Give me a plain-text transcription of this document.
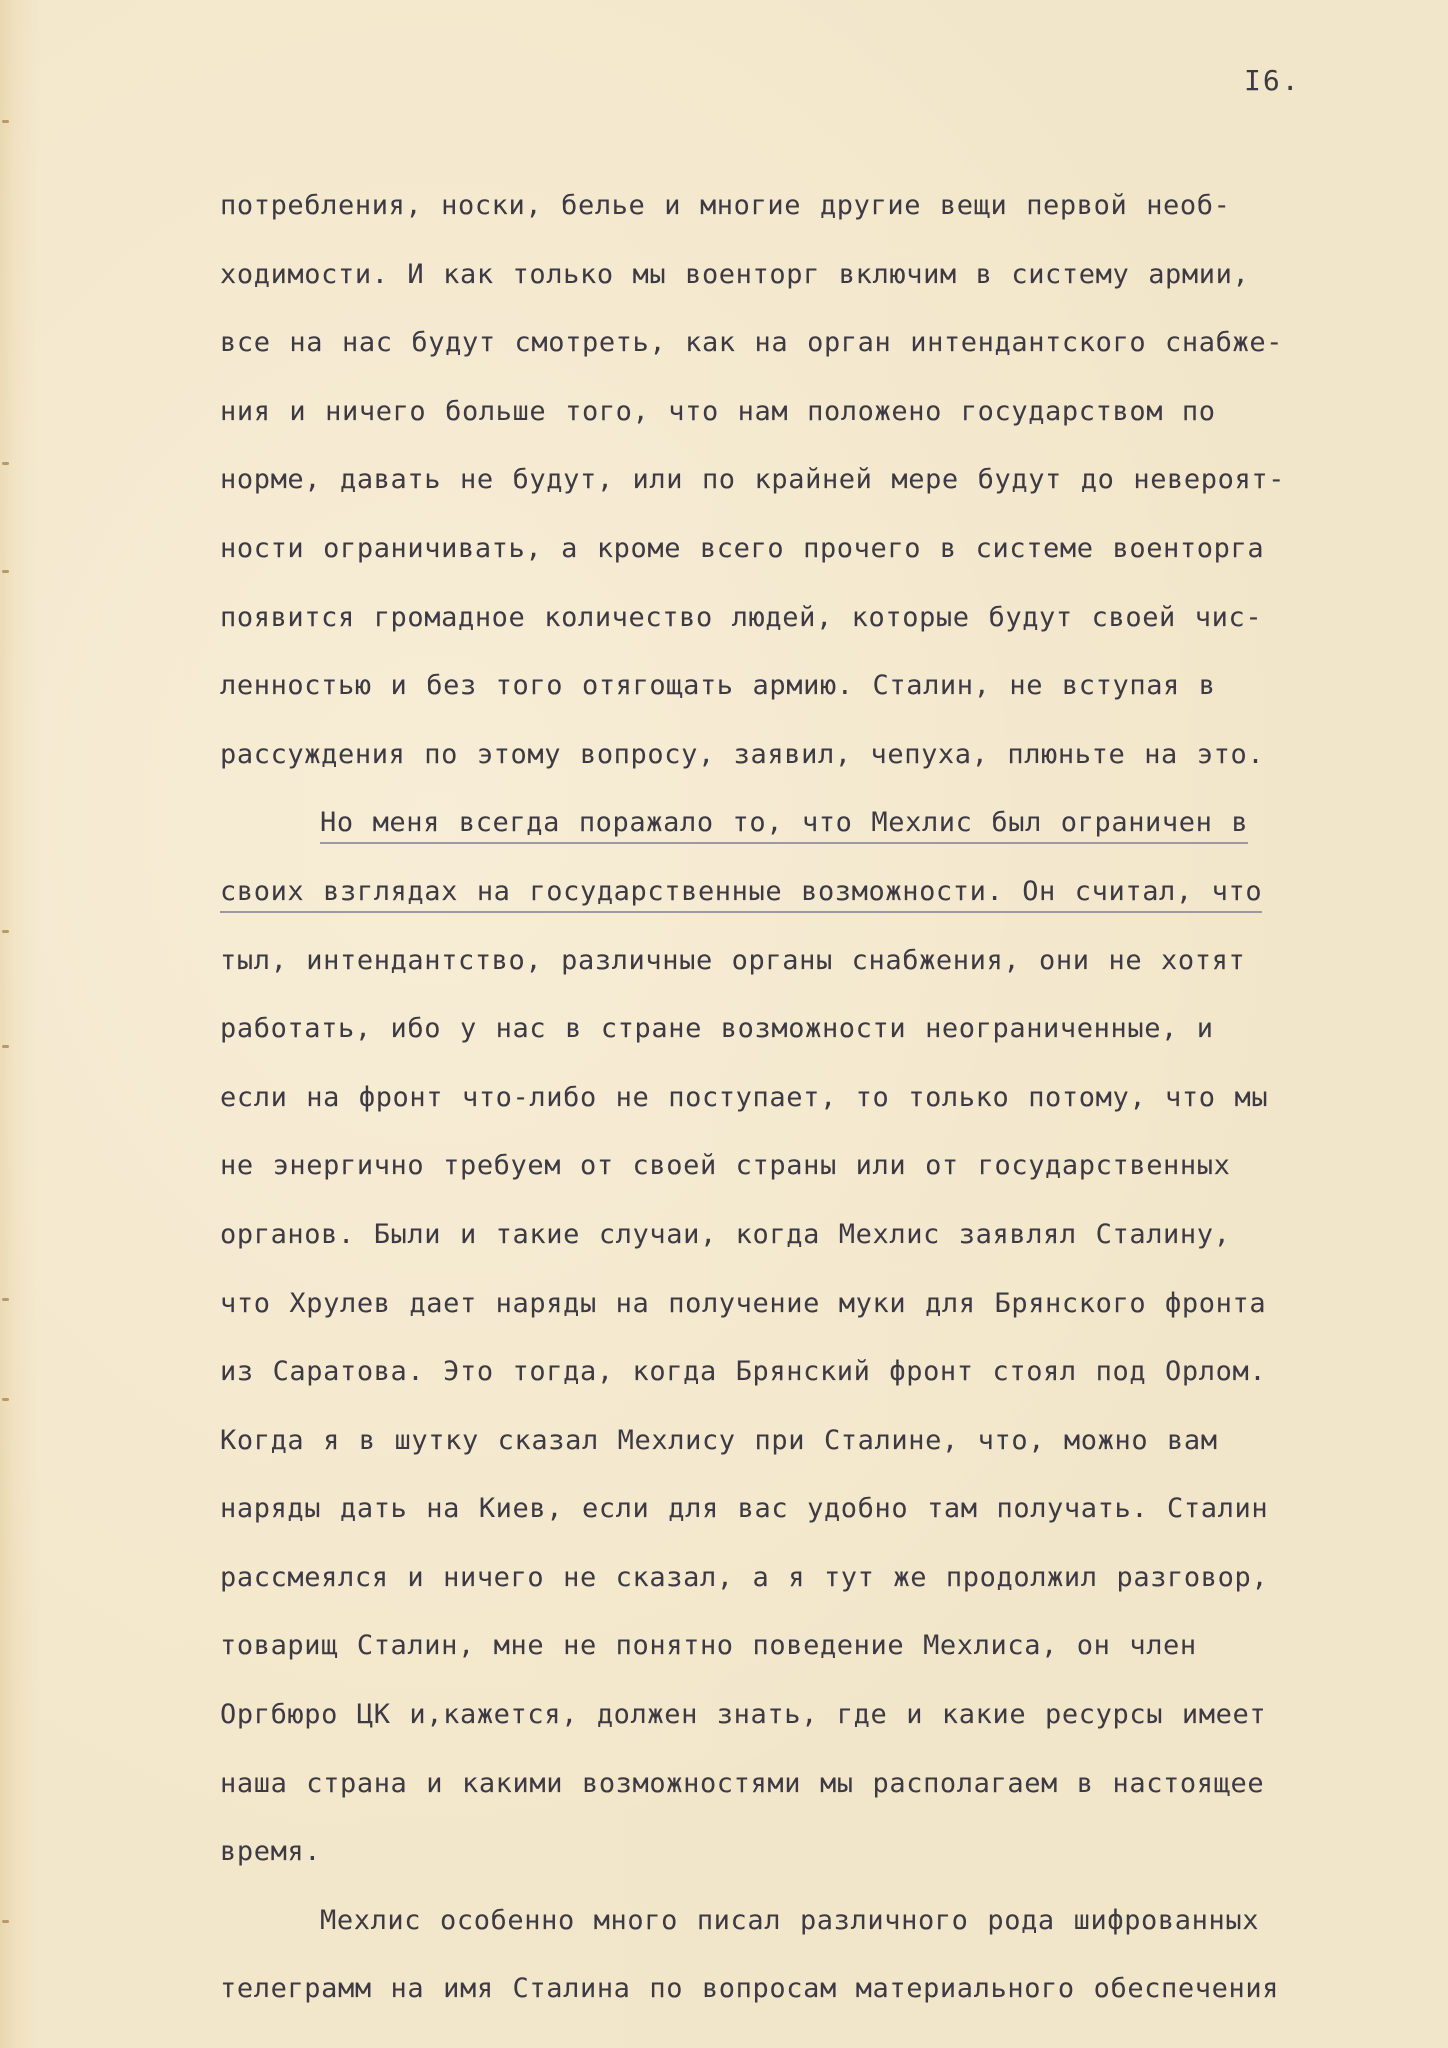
I6.
потребления, носки, белье и многие другие вещи первой необ-
ходимости. И как только мы военторг включим в систему армии,
все на нас будут смотреть, как на орган интендантского снабже-
ния и ничего больше того, что нам положено государством по
норме, давать не будут, или по крайней мере будут до невероят-
ности ограничивать, а кроме всего прочего в системе военторга
появится громадное количество людей, которые будут своей чис-
ленностью и без того отягощать армию. Сталин, не вступая в
рассуждения по этому вопросу, заявил, чепуха, плюньте на это.
Но меня всегда поражало то, что Мехлис был ограничен в
своих взглядах на государственные возможности. Он считал, что
тыл, интендантство, различные органы снабжения, они не хотят
работать, ибо у нас в стране возможности неограниченные, и
если на фронт что-либо не поступает, то только потому, что мы
не энергично требуем от своей страны или от государственных
органов. Были и такие случаи, когда Мехлис заявлял Сталину,
что Хрулев дает наряды на получение муки для Брянского фронта
из Саратова. Это тогда, когда Брянский фронт стоял под Орлом.
Когда я в шутку сказал Мехлису при Сталине, что, можно вам
наряды дать на Киев, если для вас удобно там получать. Сталин
рассмеялся и ничего не сказал, а я тут же продолжил разговор,
товарищ Сталин, мне не понятно поведение Мехлиса, он член
Оргбюро ЦК и,кажется, должен знать, где и какие ресурсы имеет
наша страна и какими возможностями мы располагаем в настоящее
время.
Мехлис особенно много писал различного рода шифрованных
телеграмм на имя Сталина по вопросам материального обеспечения
